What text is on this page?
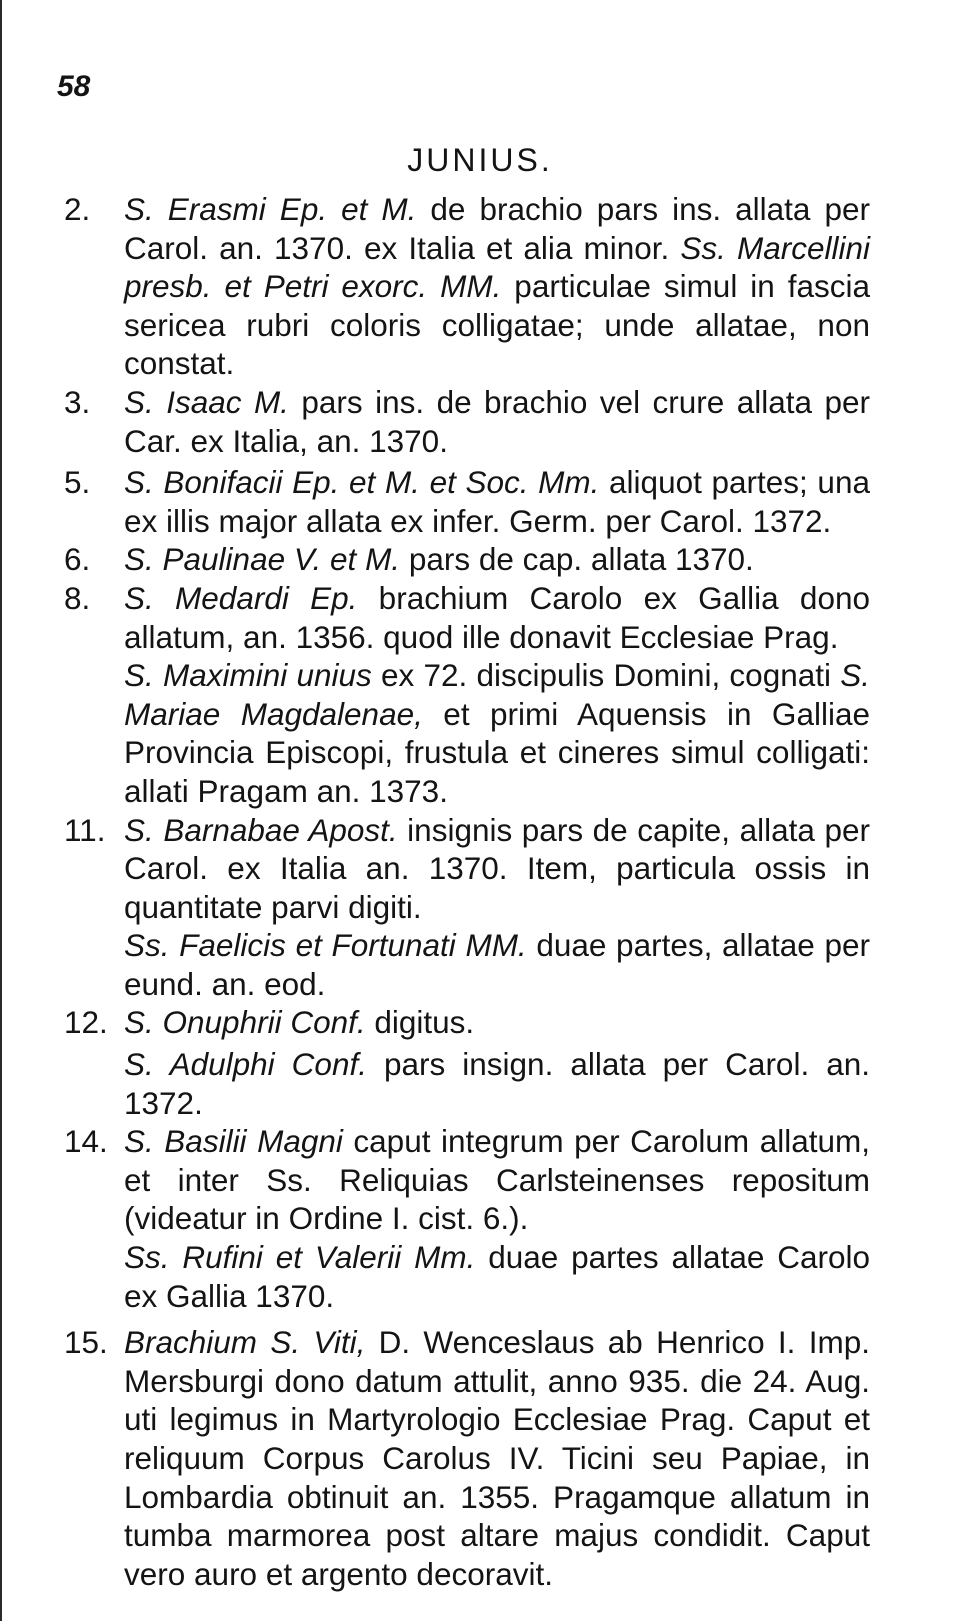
58
JUNIUS.
2.	S. Erasmi Ep. et M. de brachio pars ins. allata per Carol. an. 1370. ex Italia et alia minor. Ss. Marcellini presb. et Petri exorc. MM. particulae simul in fascia sericea rubri coloris colligatae; unde allatae, non constat.

3.	S. Isaac M. pars ins. de brachio vel crure allata per Car. ex Italia, an. 1370.

5.	S. Bonifacii Ep. et M. et Soc. Mm. aliquot partes; una ex illis major allata ex infer. Germ. per Carol. 1372.

6.	S. Paulinae V. et M. pars de cap. allata 1370.

8.	S. Medardi Ep. brachium Carolo ex Gallia dono allatum, an. 1356. quod ille donavit Ecclesiae Prag.

S. Maximini unius ex 72. discipulis Domini, cognati S. Mariae Magdalenae, et primi Aquensis in Galliae Provincia Episcopi, frustula et cineres simul colligati: allati Pragam an. 1373.

11. S. Barnabae Apost. insignis pars de capite, allata per Carol. ex Italia an. 1370. Item, particula ossis in quantitate parvi digiti.

Ss. Faelicis et Fortunati MM. duae partes, allatae per eund. an. eod.

12. S. Onuphrii Conf. digitus.

S. Adulphi Conf. pars insign. allata per Carol. an. 1372.

14. S. Basilii Magni caput integrum per Carolum allatum, et inter Ss. Reliquias Carlsteinenses repositum (videatur in Ordine I. cist. 6.).

Ss. Rufini et Valerii Mm. duae partes allatae Carolo ex Gallia 1370.

15. Brachium S. Viti, D. Wenceslaus ab Henrico I. Imp. Mersburgi dono datum attulit, anno 935. die 24. Aug. uti legimus in Martyrologio Ecclesiae Prag. Caput et reliquum Corpus Carolus IV. Ticini seu Papiae, in Lombardia obtinuit an. 1355. Pragamque allatum in tumba marmorea post altare majus condidit. Caput vero auro et argento decoravit.
